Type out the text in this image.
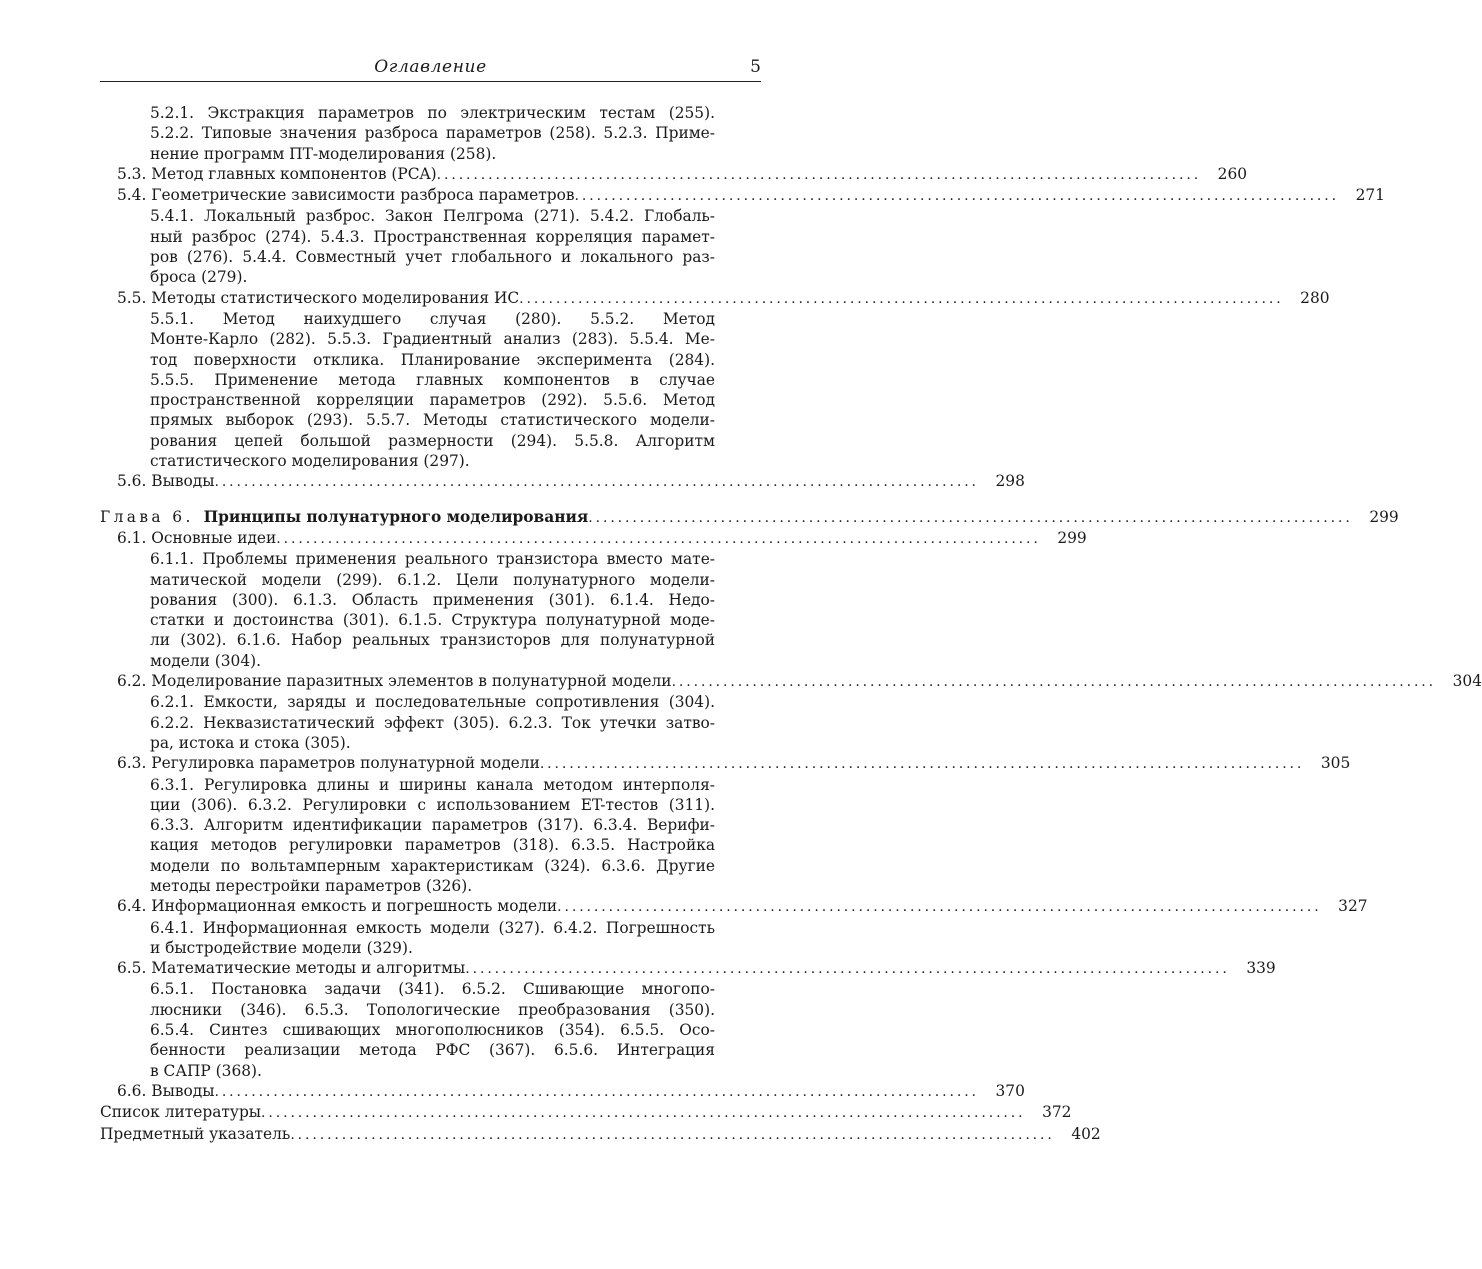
Оглавление	5
5.2.1. Экстракция параметров по электрическим тестам (255).
5.2.2. Типовые значения разброса параметров (258). 5.2.3. Приме-
нение программ ПТ-моделирования (258).
5.3. Метод главных компонентов (PCA) ........................................................................................................	260
5.4. Геометрические зависимости разброса параметров ........................................................................................................	271
5.4.1. Локальный разброс. Закон Пелгрома (271). 5.4.2. Глобаль-
ный разброс (274). 5.4.3. Пространственная корреляция парамет-
ров (276). 5.4.4. Совместный учет глобального и локального раз-
броса (279).
5.5. Методы статистического моделирования ИС ........................................................................................................	280
5.5.1. Метод наихудшего случая (280). 5.5.2. Метод
Монте-Карло (282). 5.5.3. Градиентный анализ (283). 5.5.4. Ме-
тод поверхности отклика. Планирование эксперимента (284).
5.5.5. Применение метода главных компонентов в случае
пространственной корреляции параметров (292). 5.5.6. Метод
прямых выборок (293). 5.5.7. Методы статистического модели-
рования цепей большой размерности (294). 5.5.8. Алгоритм
статистического моделирования (297).
5.6. Выводы ........................................................................................................	298
Глава 6. Принципы полунатурного моделирования ........................................................................................................	299
6.1. Основные идеи ........................................................................................................	299
6.1.1. Проблемы применения реального транзистора вместо мате-
матической модели (299). 6.1.2. Цели полунатурного модели-
рования (300). 6.1.3. Область применения (301). 6.1.4. Недо-
статки и достоинства (301). 6.1.5. Структура полунатурной моде-
ли (302). 6.1.6. Набор реальных транзисторов для полунатурной
модели (304).
6.2. Моделирование паразитных элементов в полунатурной модели ........................................................................................................	304
6.2.1. Емкости, заряды и последовательные сопротивления (304).
6.2.2. Неквазистатический эффект (305). 6.2.3. Ток утечки затво-
ра, истока и стока (305).
6.3. Регулировка параметров полунатурной модели ........................................................................................................	305
6.3.1. Регулировка длины и ширины канала методом интерполя-
ции (306). 6.3.2. Регулировки с использованием ET-тестов (311).
6.3.3. Алгоритм идентификации параметров (317). 6.3.4. Верифи-
кация методов регулировки параметров (318). 6.3.5. Настройка
модели по вольтамперным характеристикам (324). 6.3.6. Другие
методы перестройки параметров (326).
6.4. Информационная емкость и погрешность модели ........................................................................................................	327
6.4.1. Информационная емкость модели (327). 6.4.2. Погрешность
и быстродействие модели (329).
6.5. Математические методы и алгоритмы ........................................................................................................	339
6.5.1. Постановка задачи (341). 6.5.2. Сшивающие многопо-
люсники (346). 6.5.3. Топологические преобразования (350).
6.5.4. Синтез сшивающих многополюсников (354). 6.5.5. Осо-
бенности реализации метода РФС (367). 6.5.6. Интеграция
в САПР (368).
6.6. Выводы ........................................................................................................	370
Список литературы ........................................................................................................	372
Предметный указатель ........................................................................................................	402
